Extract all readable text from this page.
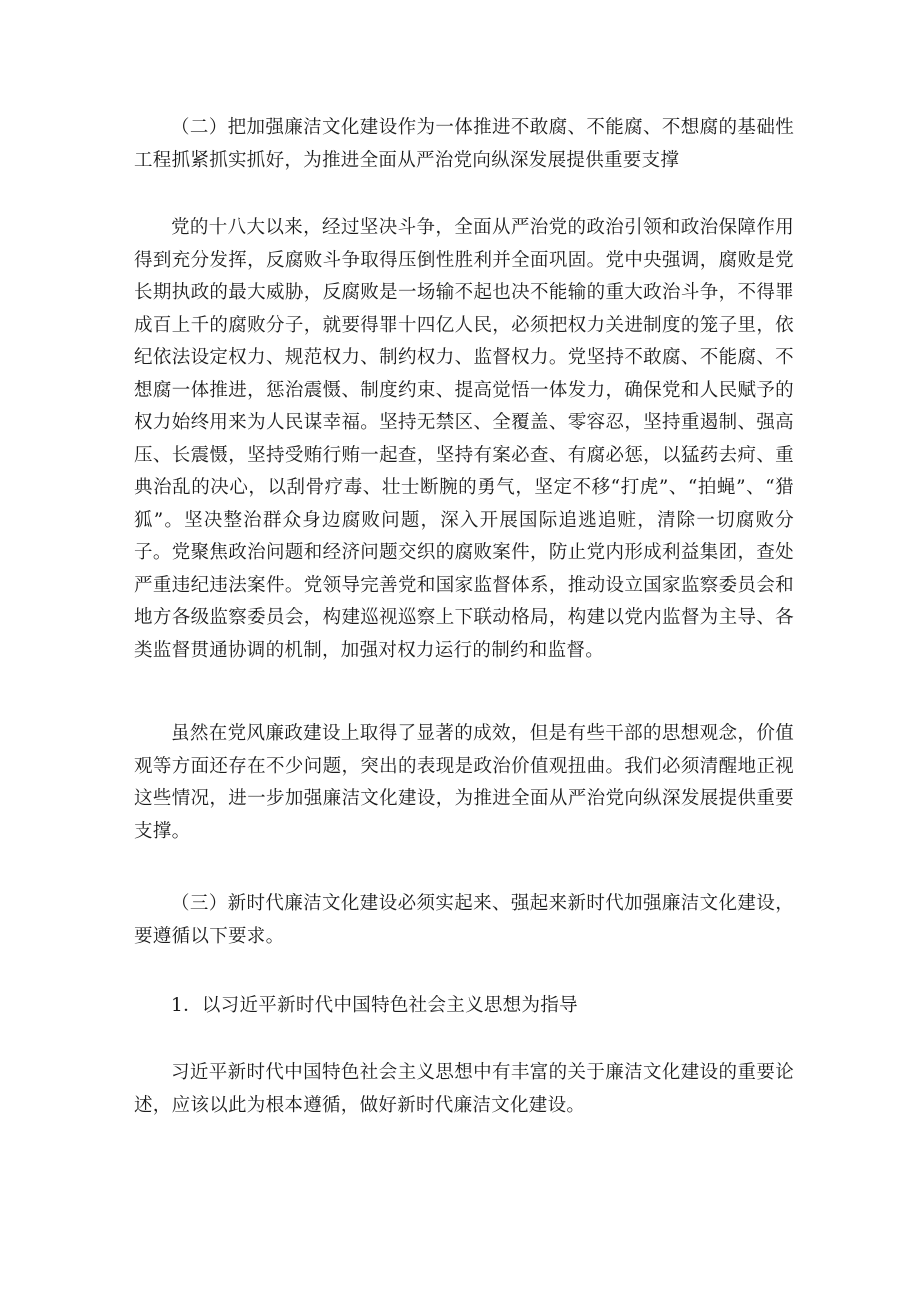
（二）把加强廉洁文化建设作为一体推进不敢腐、不能腐、不想腐的基础性工程抓紧抓实抓好，为推进全面从严治党向纵深发展提供重要支撑

党的十八大以来，经过坚决斗争，全面从严治党的政治引领和政治保障作用得到充分发挥，反腐败斗争取得压倒性胜利并全面巩固。党中央强调，腐败是党长期执政的最大威胁，反腐败是一场输不起也决不能输的重大政治斗争，不得罪成百上千的腐败分子，就要得罪十四亿人民，必须把权力关进制度的笼子里，依纪依法设定权力、规范权力、制约权力、监督权力。党坚持不敢腐、不能腐、不想腐一体推进，惩治震慑、制度约束、提高觉悟一体发力，确保党和人民赋予的权力始终用来为人民谋幸福。坚持无禁区、全覆盖、零容忍，坚持重遏制、强高压、长震慑，坚持受贿行贿一起查，坚持有案必查、有腐必惩，以猛药去疴、重典治乱的决心，以刮骨疗毒、壮士断腕的勇气，坚定不移“打虎”、“拍蝇”、“猎狐”。坚决整治群众身边腐败问题，深入开展国际追逃追赃，清除一切腐败分子。党聚焦政治问题和经济问题交织的腐败案件，防止党内形成利益集团，查处严重违纪违法案件。党领导完善党和国家监督体系，推动设立国家监察委员会和地方各级监察委员会，构建巡视巡察上下联动格局，构建以党内监督为主导、各类监督贯通协调的机制，加强对权力运行的制约和监督。

虽然在党风廉政建设上取得了显著的成效，但是有些干部的思想观念，价值观等方面还存在不少问题，突出的表现是政治价值观扭曲。我们必须清醒地正视这些情况，进一步加强廉洁文化建设，为推进全面从严治党向纵深发展提供重要支撑。

（三）新时代廉洁文化建设必须实起来、强起来新时代加强廉洁文化建设，要遵循以下要求。

1．以习近平新时代中国特色社会主义思想为指导

习近平新时代中国特色社会主义思想中有丰富的关于廉洁文化建设的重要论述，应该以此为根本遵循，做好新时代廉洁文化建设。
